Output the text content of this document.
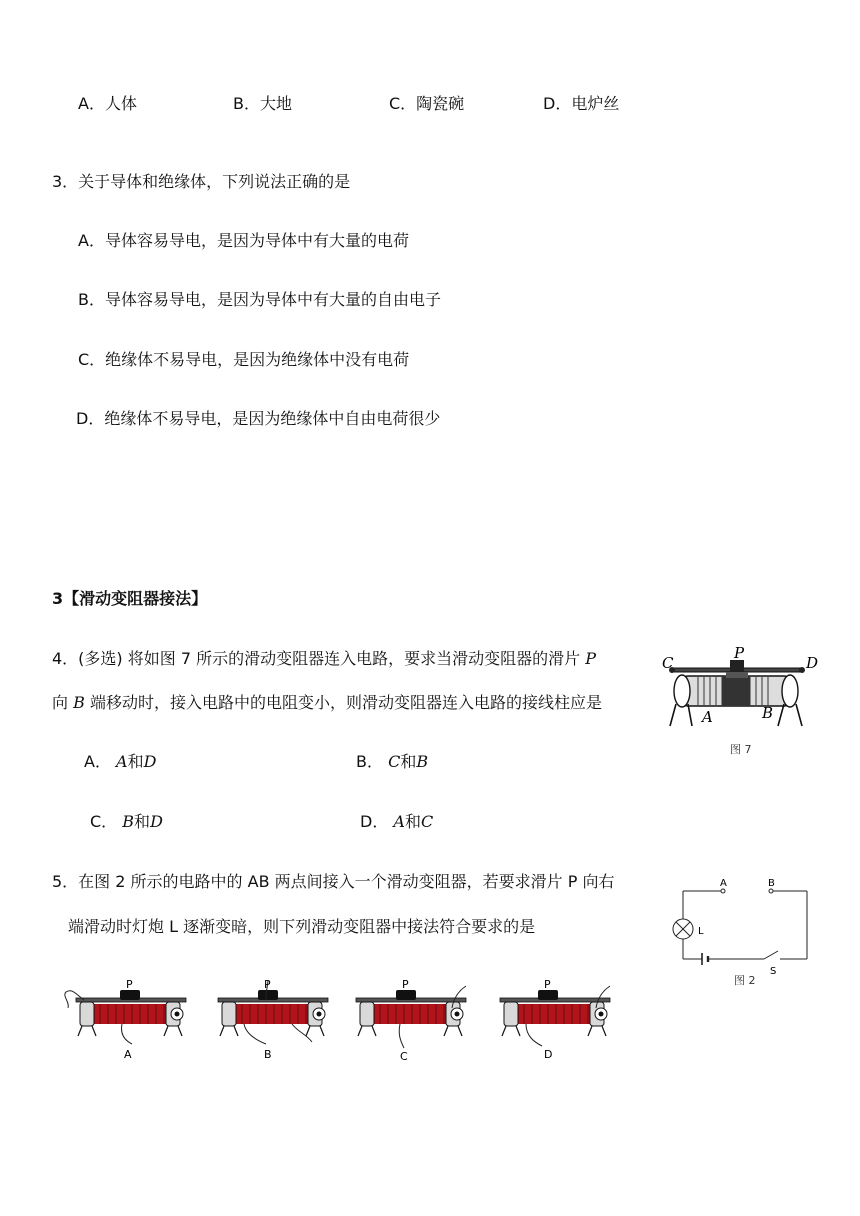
A．人体	B．大地	C．陶瓷碗	D．电炉丝
3．关于导体和绝缘体，下列说法正确的是
A．导体容易导电，是因为导体中有大量的电荷
B．导体容易导电，是因为导体中有大量的自由电子
C．绝缘体不易导电，是因为绝缘体中没有电荷
D．绝缘体不易导电，是因为绝缘体中自由电荷很少
3【滑动变阻器接法】
4．(多选) 将如图 7 所示的滑动变阻器连入电路，要求当滑动变阻器的滑片 P
向 B 端移动时，接入电路中的电阻变小，则滑动变阻器连入电路的接线柱应是
A． A和D	B． C和B
C． B和D	D． A和C
C
P
D
A	B
图 7
5．在图 2 所示的电路中的 AB 两点间接入一个滑动变阻器，若要求滑片 P 向右
端滑动时灯炮 L 逐渐变暗，则下列滑动变阻器中接法符合要求的是
A	B
L
S
图 2
P
A
P
B
P
C
P
D
